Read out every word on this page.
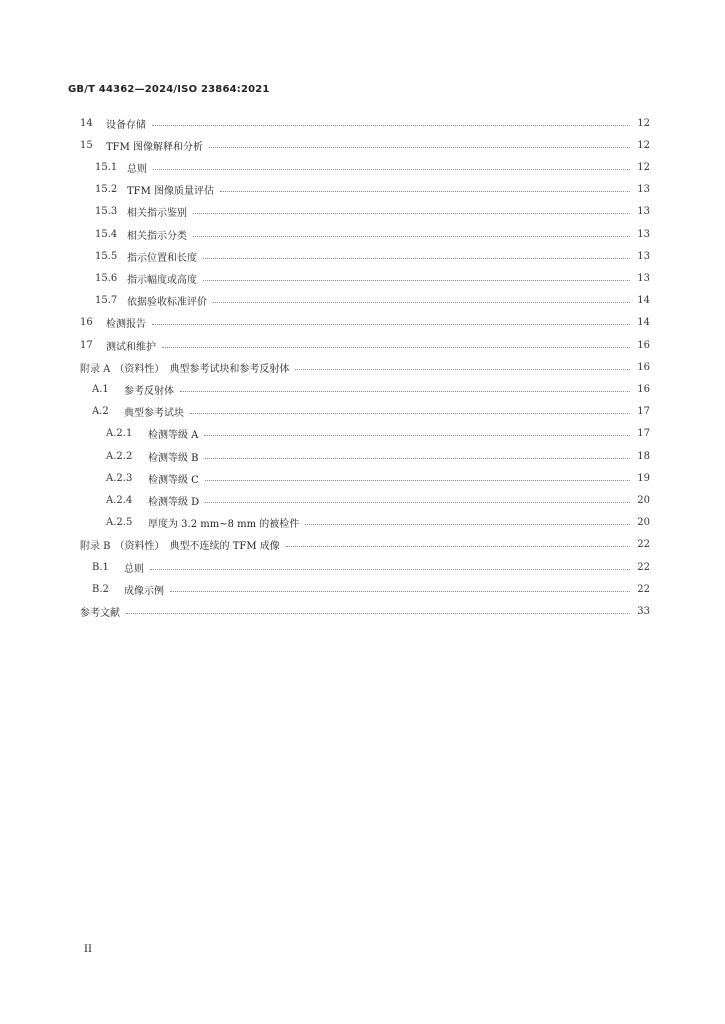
GB/T 44362—2024/ISO 23864:2021
14	设备存储	12
15	TFM 图像解释和分析	12
15.1 总则	12
15.2 TFM 图像质量评估	13
15.3 相关指示鉴别	13
15.4 相关指示分类	13
15.5 指示位置和长度	13
15.6 指示幅度或高度	13
15.7 依据验收标准评价	14
16	检测报告	14
17	测试和维护	16
附录 A （资料性）　典型参考试块和参考反射体	16
A.1	参考反射体	16
A.2	典型参考试块	17
A.2.1	检测等级 A	17
A.2.2	检测等级 B	18
A.2.3	检测等级 C	19
A.2.4	检测等级 D	20
A.2.5	厚度为 3.2 mm~8 mm 的被检件	20
附录 B （资料性）　典型不连续的 TFM 成像	22
B.1	总则	22
B.2	成像示例	22
参考文献	33
II
